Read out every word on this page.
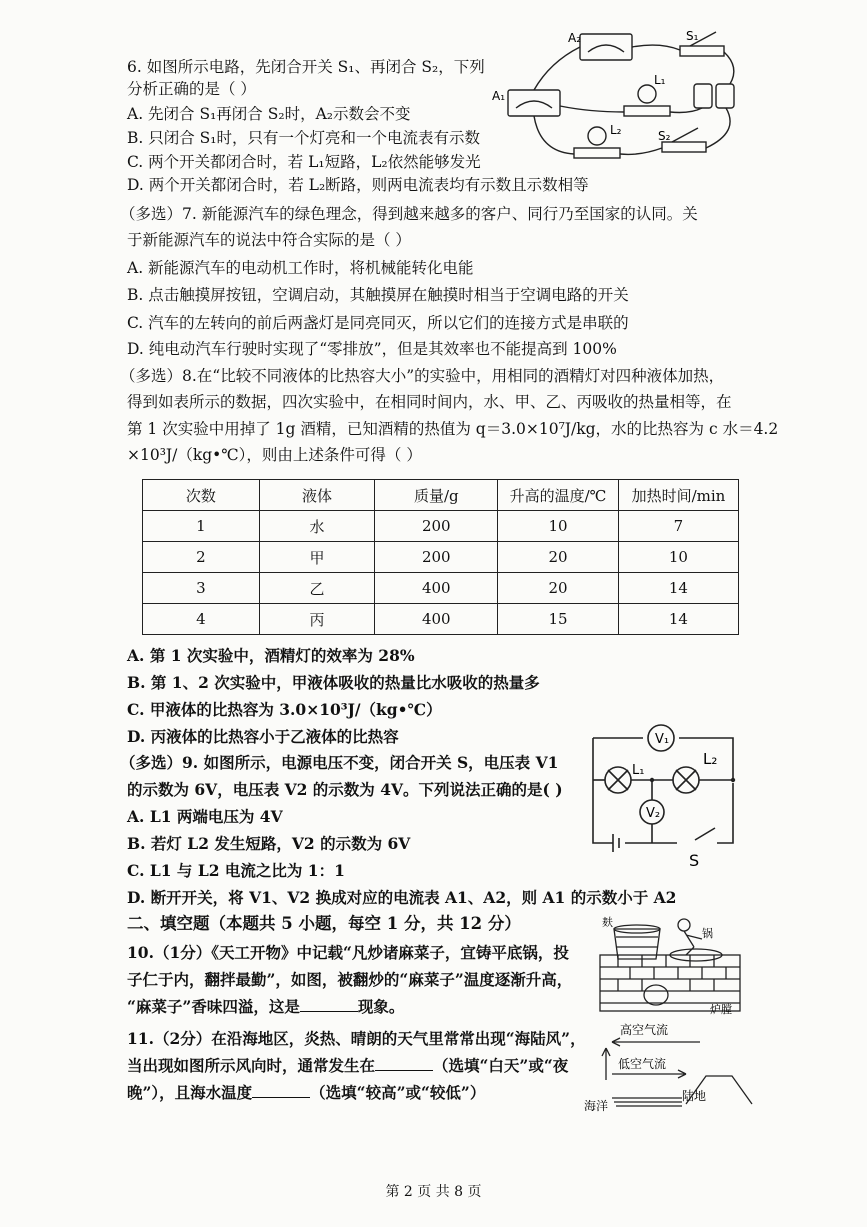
6. 如图所示电路，先闭合开关 S₁、再闭合 S₂，下列
分析正确的是（ ）
A. 先闭合 S₁再闭合 S₂时，A₂示数会不变
B. 只闭合 S₁时，只有一个灯亮和一个电流表有示数
C. 两个开关都闭合时，若 L₁短路，L₂依然能够发光
D. 两个开关都闭合时，若 L₂断路，则两电流表均有示数且示数相等
A₂
A₁
S₁
S₂
L₁
L₂
（多选）7. 新能源汽车的绿色理念，得到越来越多的客户、同行乃至国家的认同。关
于新能源汽车的说法中符合实际的是（ ）
A. 新能源汽车的电动机工作时，将机械能转化电能
B. 点击触摸屏按钮，空调启动，其触摸屏在触摸时相当于空调电路的开关
C. 汽车的左转向的前后两盏灯是同亮同灭，所以它们的连接方式是串联的
D. 纯电动汽车行驶时实现了“零排放”，但是其效率也不能提高到 100%
（多选）8.在“比较不同液体的比热容大小”的实验中，用相同的酒精灯对四种液体加热，
得到如表所示的数据，四次实验中，在相同时间内，水、甲、乙、丙吸收的热量相等，在
第 1 次实验中用掉了 1g 酒精，已知酒精的热值为 q＝3.0×10⁷J/kg，水的比热容为 c 水＝4.2
×10³J/（kg•℃），则由上述条件可得（ ）
次数	液体	质量/g	升高的温度/℃	加热时间/min
1	水	200	10	7
2	甲	200	20	10
3	乙	400	20	14
4	丙	400	15	14
A. 第 1 次实验中，酒精灯的效率为 28%
B. 第 1、2 次实验中，甲液体吸收的热量比水吸收的热量多
C. 甲液体的比热容为 3.0×10³J/（kg•℃）
D. 丙液体的比热容小于乙液体的比热容
（多选）9. 如图所示，电源电压不变，闭合开关 S，电压表 V1
的示数为 6V，电压表 V2 的示数为 4V。下列说法正确的是( )
A. L1 两端电压为 4V
B. 若灯 L2 发生短路，V2 的示数为 6V
C. L1 与 L2 电流之比为 1：1
D. 断开开关，将 V1、V2 换成对应的电流表 A1、A2，则 A1 的示数小于 A2
V₁
V₂
L₁
L₂
S
二、填空题（本题共 5 小题，每空 1 分，共 12 分）
10.（1分）《天工开物》中记载“凡炒诸麻菜子，宜铸平底锅，投
子仁于内，翻拌最勤”，如图，被翻炒的“麻菜子”温度逐渐升高，
“麻菜子”香味四溢，这是	现象。
麸
锅
炉膛
11.（2分）在沿海地区，炎热、晴朗的天气里常常出现“海陆风”，
当出现如图所示风向时，通常发生在	（选填“白天”或“夜
晚”），且海水温度	（选填“较高”或“较低”）
高空气流
低空气流
海洋
陆地
第 2 页 共 8 页
